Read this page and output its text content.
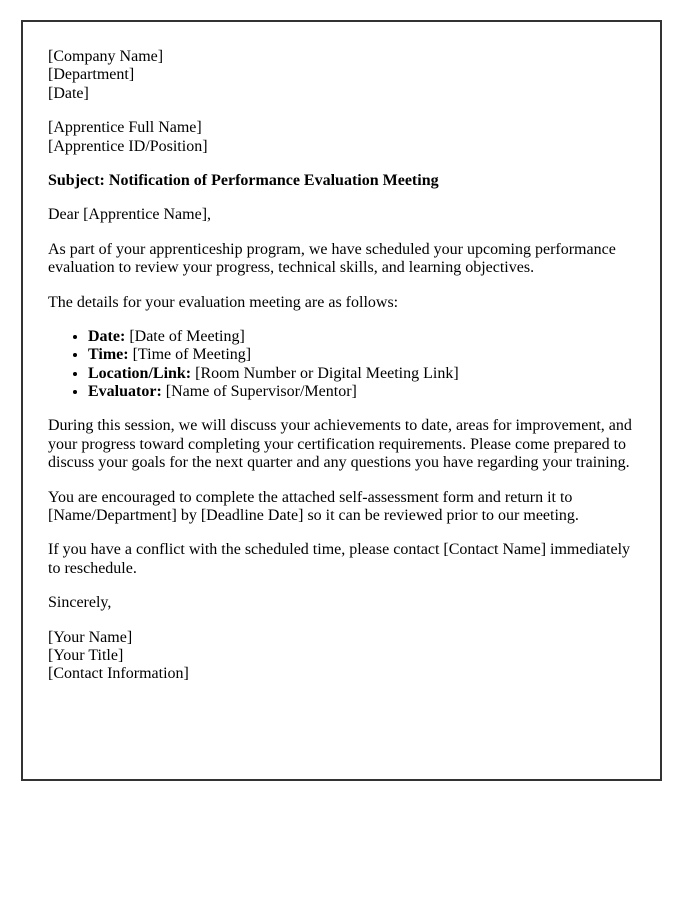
[Company Name]
[Department]
[Date]
[Apprentice Full Name]
[Apprentice ID/Position]
Subject: Notification of Performance Evaluation Meeting
Dear [Apprentice Name],
As part of your apprenticeship program, we have scheduled your upcoming performance evaluation to review your progress, technical skills, and learning objectives.
The details for your evaluation meeting are as follows:
• Date: [Date of Meeting]
• Time: [Time of Meeting]
• Location/Link: [Room Number or Digital Meeting Link]
• Evaluator: [Name of Supervisor/Mentor]
During this session, we will discuss your achievements to date, areas for improvement, and your progress toward completing your certification requirements. Please come prepared to discuss your goals for the next quarter and any questions you have regarding your training.
You are encouraged to complete the attached self-assessment form and return it to [Name/Department] by [Deadline Date] so it can be reviewed prior to our meeting.
If you have a conflict with the scheduled time, please contact [Contact Name] immediately to reschedule.
Sincerely,
[Your Name]
[Your Title]
[Contact Information]
